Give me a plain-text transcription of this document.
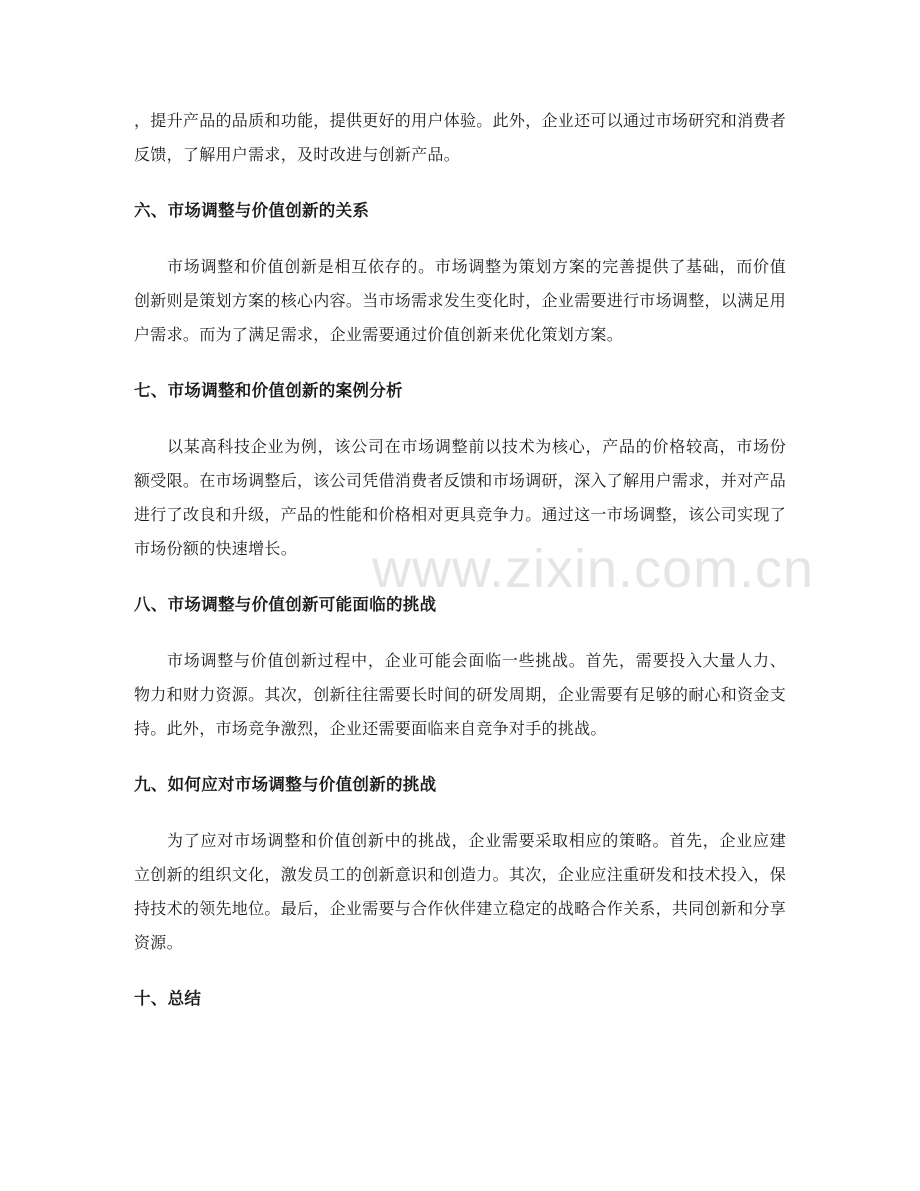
，提升产品的品质和功能，提供更好的用户体验。此外，企业还可以通过市场研究和消费者反馈，了解用户需求，及时改进与创新产品。

六、市场调整与价值创新的关系

市场调整和价值创新是相互依存的。市场调整为策划方案的完善提供了基础，而价值创新则是策划方案的核心内容。当市场需求发生变化时，企业需要进行市场调整，以满足用户需求。而为了满足需求，企业需要通过价值创新来优化策划方案。

七、市场调整和价值创新的案例分析

以某高科技企业为例，该公司在市场调整前以技术为核心，产品的价格较高，市场份额受限。在市场调整后，该公司凭借消费者反馈和市场调研，深入了解用户需求，并对产品进行了改良和升级，产品的性能和价格相对更具竞争力。通过这一市场调整，该公司实现了市场份额的快速增长。

八、市场调整与价值创新可能面临的挑战

市场调整与价值创新过程中，企业可能会面临一些挑战。首先，需要投入大量人力、物力和财力资源。其次，创新往往需要长时间的研发周期，企业需要有足够的耐心和资金支持。此外，市场竞争激烈，企业还需要面临来自竞争对手的挑战。

九、如何应对市场调整与价值创新的挑战

为了应对市场调整和价值创新中的挑战，企业需要采取相应的策略。首先，企业应建立创新的组织文化，激发员工的创新意识和创造力。其次，企业应注重研发和技术投入，保持技术的领先地位。最后，企业需要与合作伙伴建立稳定的战略合作关系，共同创新和分享资源。

十、总结
www.zixin.com.cn
